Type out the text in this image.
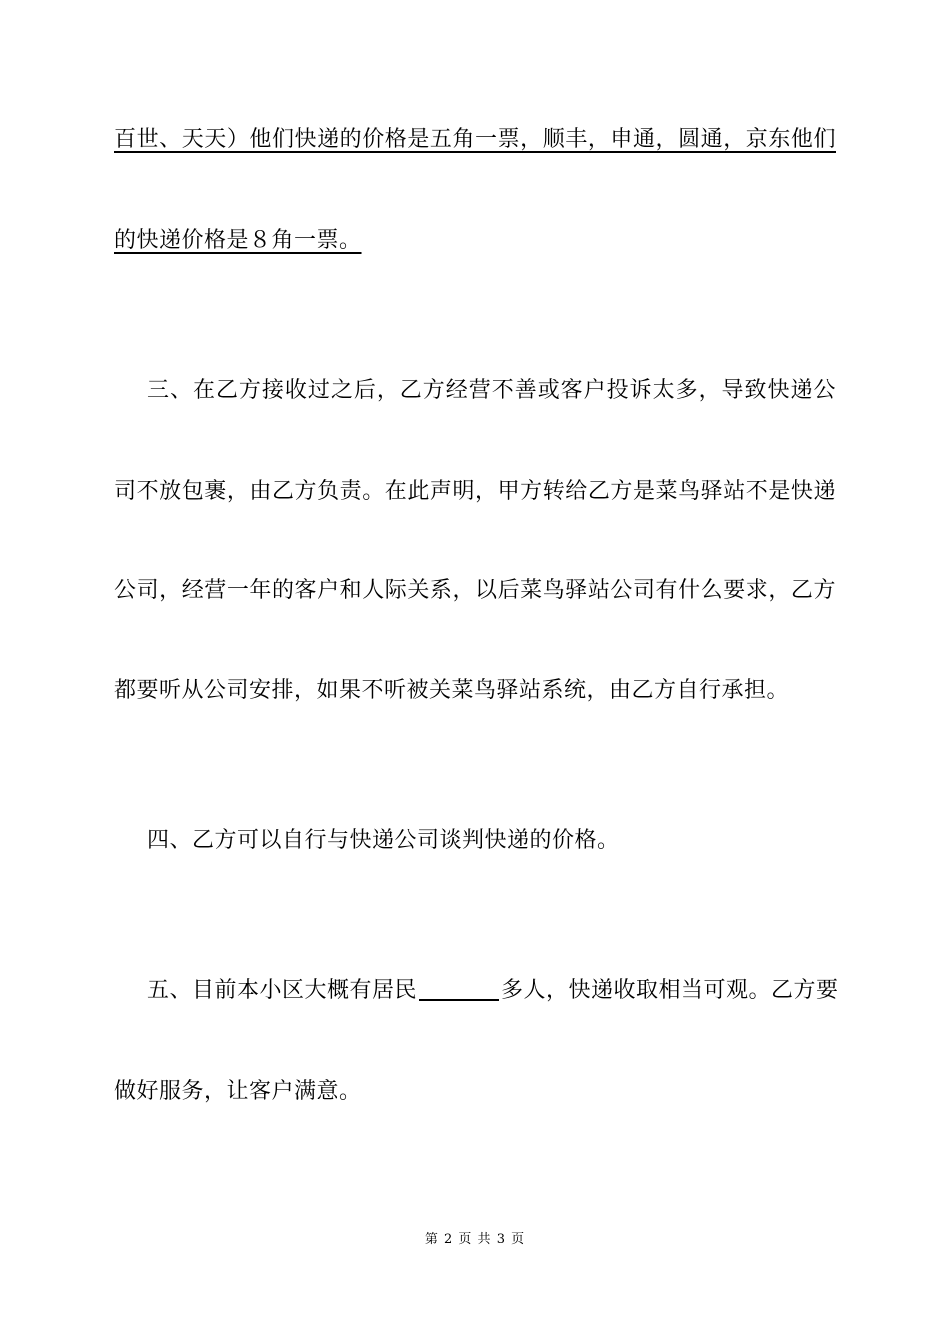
百世、天天）他们快递的价格是五角一票，顺丰，申通，圆通，京东他们
的快递价格是８角一票。
三、在乙方接收过之后，乙方经营不善或客户投诉太多，导致快递公
司不放包裹，由乙方负责。在此声明，甲方转给乙方是菜鸟驿站不是快递
公司，经营一年的客户和人际关系，以后菜鸟驿站公司有什么要求，乙方
都要听从公司安排，如果不听被关菜鸟驿站系统，由乙方自行承担。
四、乙方可以自行与快递公司谈判快递的价格。
五、目前本小区大概有居民	多人，快递收取相当可观。乙方要
做好服务，让客户满意。
第 2 页 共 3 页
